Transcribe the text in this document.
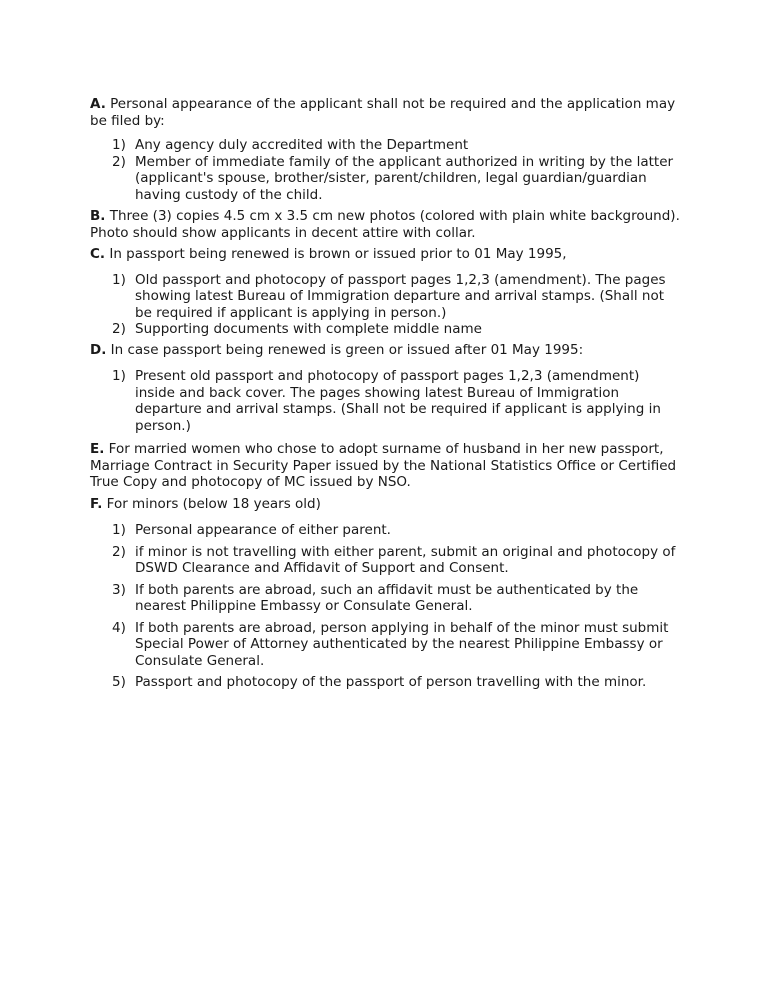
A. Personal appearance of the applicant shall not be required and the application may be filed by:

1) Any agency duly accredited with the Department
2) Member of immediate family of the applicant authorized in writing by the latter (applicant's spouse, brother/sister, parent/children, legal guardian/guardian having custody of the child.

B. Three (3) copies 4.5 cm x 3.5 cm new photos (colored with plain white background). Photo should show applicants in decent attire with collar.

C. In passport being renewed is brown or issued prior to 01 May 1995,

1) Old passport and photocopy of passport pages 1,2,3 (amendment). The pages showing latest Bureau of Immigration departure and arrival stamps. (Shall not be required if applicant is applying in person.)
2) Supporting documents with complete middle name

D. In case passport being renewed is green or issued after 01 May 1995:

1) Present old passport and photocopy of passport pages 1,2,3 (amendment) inside and back cover. The pages showing latest Bureau of Immigration departure and arrival stamps. (Shall not be required if applicant is applying in person.)

E. For married women who chose to adopt surname of husband in her new passport, Marriage Contract in Security Paper issued by the National Statistics Office or Certified True Copy and photocopy of MC issued by NSO.

F. For minors (below 18 years old)

1) Personal appearance of either parent.
2) if minor is not travelling with either parent, submit an original and photocopy of DSWD Clearance and Affidavit of Support and Consent.
3) If both parents are abroad, such an affidavit must be authenticated by the nearest Philippine Embassy or Consulate General.
4) If both parents are abroad, person applying in behalf of the minor must submit Special Power of Attorney authenticated by the nearest Philippine Embassy or Consulate General.
5) Passport and photocopy of the passport of person travelling with the minor.
